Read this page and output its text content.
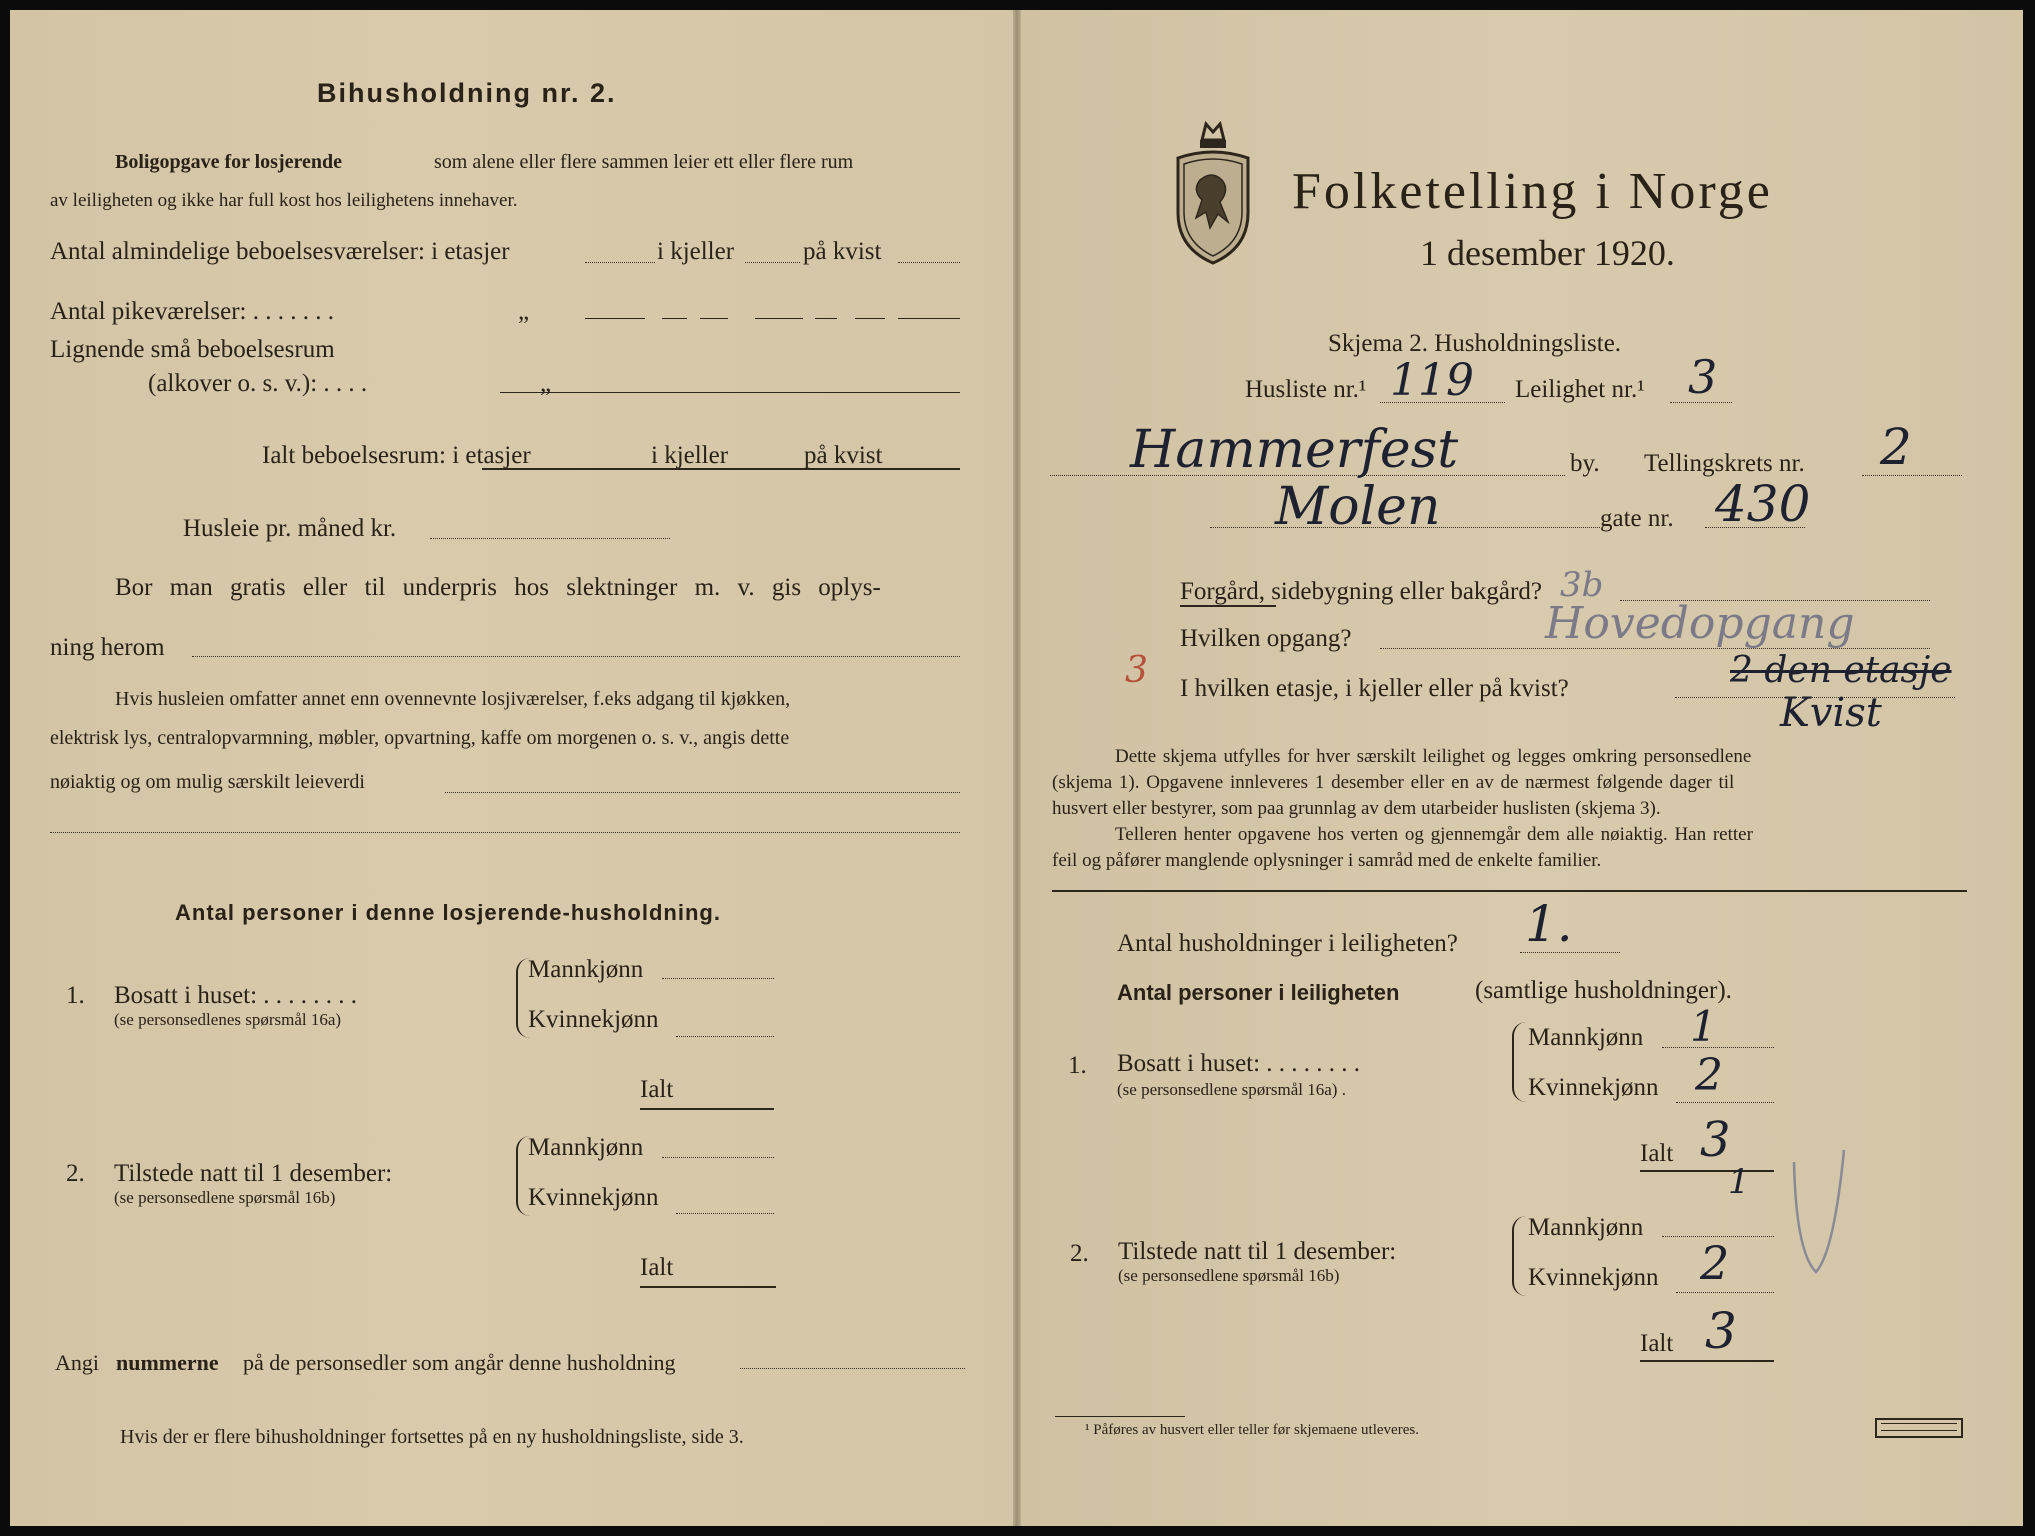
Bihusholdning nr. 2.
Boligopgave for losjerende	som alene eller flere sammen leier ett eller flere rum
av leiligheten og ikke har full kost hos leilighetens innehaver.
Antal almindelige beboelsesværelser: i etasjer	i kjeller	på kvist
Antal pikeværelser: . . . . . . .	„
Lignende små beboelsesrum
(alkover o. s. v.): . . . .	„
Ialt beboelsesrum: i etasjer	i kjeller	på kvist
Husleie pr. måned kr.
Bor man gratis eller til underpris hos slektninger m. v. gis oplys-
ning herom
Hvis husleien omfatter annet enn ovennevnte losjiværelser, f.eks adgang til kjøkken,
elektrisk lys, centralopvarmning, møbler, opvartning, kaffe om morgenen o. s. v., angis dette
nøiaktig og om mulig særskilt leieverdi
Antal personer i denne losjerende-husholdning.
1. Bosatt i huset: . . . . . . . .
(se personsedlenes spørsmål 16a)
Mannkjønn
Kvinnekjønn
Ialt
2. Tilstede natt til 1 desember:
(se personsedlene spørsmål 16b)
Mannkjønn
Kvinnekjønn
Ialt
Angi nummerne på de personsedler som angår denne husholdning
Hvis der er flere bihusholdninger fortsettes på en ny husholdningsliste, side 3.
Folketelling i Norge
1 desember 1920.
Skjema 2. Husholdningsliste.
Husliste nr.¹ 119 Leilighet nr.¹ 3
Hammerfest	by. Tellingskrets nr. 2
Molen	gate nr. 430
Forgård, sidebygning eller bakgård? 3b
Hvilken opgang?	Hovedopgang
3 I hvilken etasje, i kjeller eller på kvist?	2 den etasje
Kvist
Dette skjema utfylles for hver særskilt leilighet og legges omkring personsedlene
(skjema 1). Opgavene innleveres 1 desember eller en av de nærmest følgende dager til
husvert eller bestyrer, som paa grunnlag av dem utarbeider huslisten (skjema 3).
Telleren henter opgavene hos verten og gjennemgår dem alle nøiaktig. Han retter
feil og påfører manglende oplysninger i samråd med de enkelte familier.
Antal husholdninger i leiligheten? 1.
Antal personer i leiligheten	(samtlige husholdninger).
1. Bosatt i huset: . . . . . . . .
(se personsedlene spørsmål 16a) .
Mannkjønn 1
Kvinnekjønn 2
Ialt 3
1
2. Tilstede natt til 1 desember:
(se personsedlene spørsmål 16b)
Mannkjønn
Kvinnekjønn 2
Ialt 3
¹ Påføres av husvert eller teller før skjemaene utleveres.
